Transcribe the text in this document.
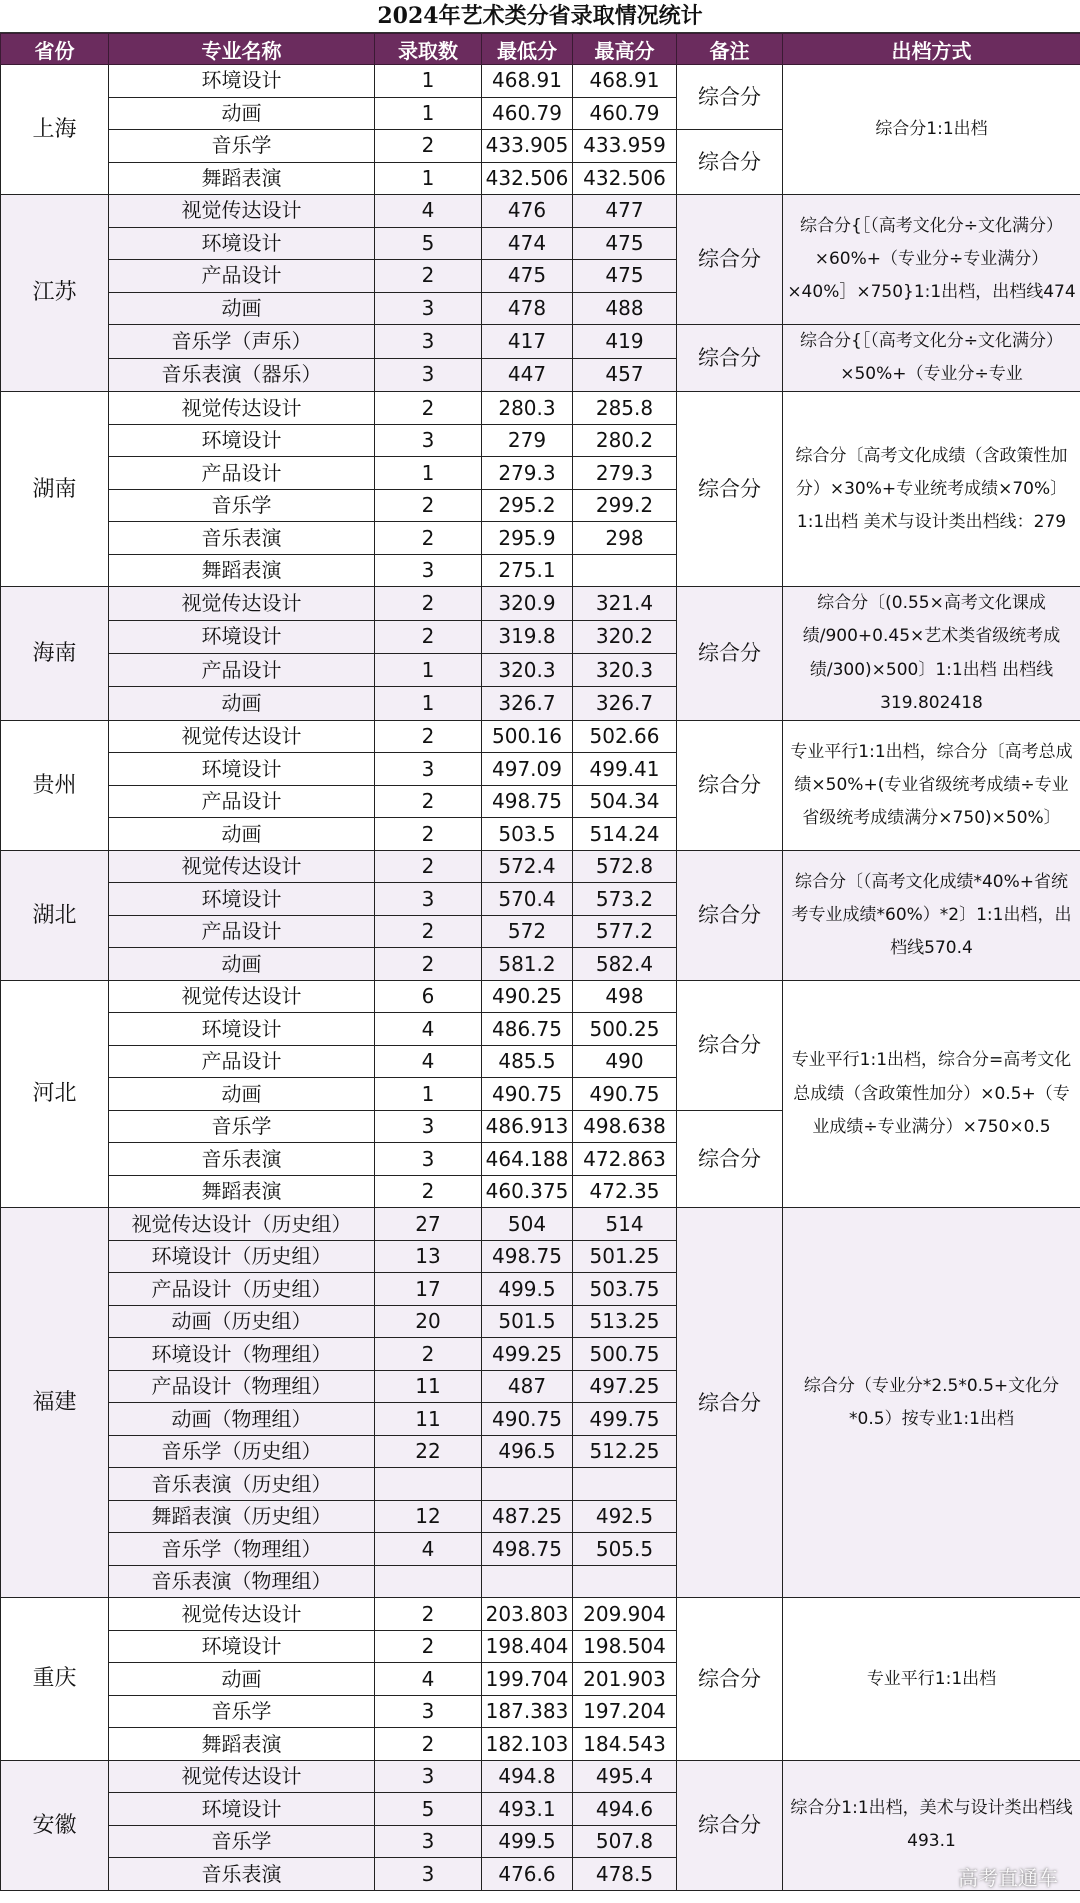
2024年艺术类分省录取情况统计
省份	专业名称	录取数	最低分	最高分	备注	出档方式
上海	环境设计	1	468.91	468.91	综合分	综合分1:1出档
	动画	1	460.79	460.79		
	音乐学	2	433.905	433.959	综合分	
	舞蹈表演	1	432.506	432.506		
江苏	视觉传达设计	4	476	477	综合分	综合分{［（高考文化分÷文化满分）×60%+（专业分÷专业满分）×40%］×750}1:1出档，出档线474
	环境设计	5	474	475		
	产品设计	2	475	475		
	动画	3	478	488		
	音乐学（声乐）	3	417	419	综合分	综合分{［（高考文化分÷文化满分）×50%+（专业分÷专业
	音乐表演（器乐）	3	447	457		
湖南	视觉传达设计	2	280.3	285.8	综合分	综合分〔高考文化成绩（含政策性加分）×30%+专业统考成绩×70%〕1:1出档 美术与设计类出档线：279
	环境设计	3	279	280.2		
	产品设计	1	279.3	279.3		
	音乐学	2	295.2	299.2		
	音乐表演	2	295.9	298		
	舞蹈表演	3	275.1			
海南	视觉传达设计	2	320.9	321.4	综合分	综合分〔(0.55×高考文化课成绩/900+0.45×艺术类省级统考成绩/300)×500〕1:1出档 出档线319.802418
	环境设计	2	319.8	320.2		
	产品设计	1	320.3	320.3		
	动画	1	326.7	326.7		
贵州	视觉传达设计	2	500.16	502.66	综合分	专业平行1:1出档，综合分〔高考总成绩×50%+(专业省级统考成绩÷专业省级统考成绩满分×750)×50%〕
	环境设计	3	497.09	499.41		
	产品设计	2	498.75	504.34		
	动画	2	503.5	514.24		
湖北	视觉传达设计	2	572.4	572.8	综合分	综合分〔（高考文化成绩*40%+省统考专业成绩*60%）*2〕1:1出档，出档线570.4
	环境设计	3	570.4	573.2		
	产品设计	2	572	577.2		
	动画	2	581.2	582.4		
河北	视觉传达设计	6	490.25	498	综合分	专业平行1:1出档，综合分=高考文化总成绩（含政策性加分）×0.5+（专业成绩÷专业满分）×750×0.5
	环境设计	4	486.75	500.25		
	产品设计	4	485.5	490		
	动画	1	490.75	490.75		
	音乐学	3	486.913	498.638	综合分	
	音乐表演	3	464.188	472.863		
	舞蹈表演	2	460.375	472.35		
福建	视觉传达设计（历史组）	27	504	514	综合分	综合分（专业分*2.5*0.5+文化分*0.5）按专业1:1出档
	环境设计（历史组）	13	498.75	501.25		
	产品设计（历史组）	17	499.5	503.75		
	动画（历史组）	20	501.5	513.25		
	环境设计（物理组）	2	499.25	500.75		
	产品设计（物理组）	11	487	497.25		
	动画（物理组）	11	490.75	499.75		
	音乐学（历史组）	22	496.5	512.25		
	音乐表演（历史组）					
	舞蹈表演（历史组）	12	487.25	492.5		
	音乐学（物理组）	4	498.75	505.5		
	音乐表演（物理组）					
重庆	视觉传达设计	2	203.803	209.904	综合分	专业平行1:1出档
	环境设计	2	198.404	198.504		
	动画	4	199.704	201.903		
	音乐学	3	187.383	197.204		
	舞蹈表演	2	182.103	184.543		
安徽	视觉传达设计	3	494.8	495.4	综合分	综合分1:1出档，美术与设计类出档线493.1
	环境设计	5	493.1	494.6		
	音乐学	3	499.5	507.8		
	音乐表演	3	476.6	478.5			高考直通车
